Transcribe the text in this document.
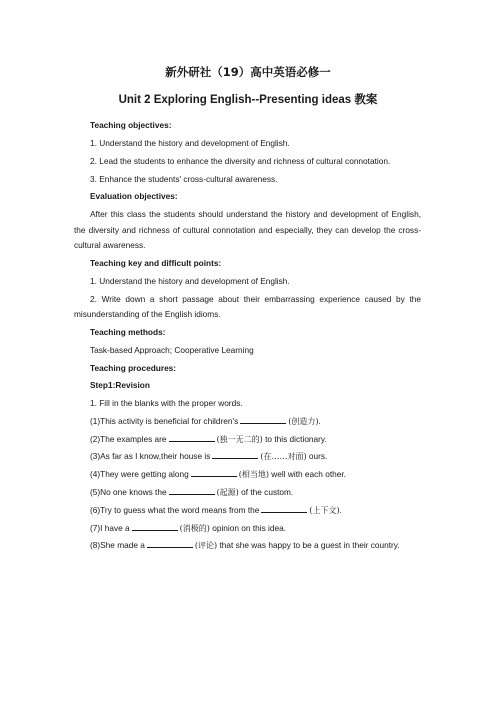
新外研社（19）高中英语必修一
Unit 2 Exploring English--Presenting ideas 教案

Teaching objectives:

1. Understand the history and development of English.

2. Lead the students to enhance the diversity and richness of cultural connotation.

3. Enhance the students' cross-cultural awareness.

Evaluation objectives:

After this class the students should understand the history and development of English, the diversity and richness of cultural connotation and especially, they can develop the cross-cultural awareness.

Teaching key and difficult points:

1. Understand the history and development of English.

2. Write down a short passage about their embarrassing experience caused by the misunderstanding of the English idioms.

Teaching methods:

Task-based Approach; Cooperative Learning

Teaching procedures:

Step1:Revision

1. Fill in the blanks with the proper words.

(1)This activity is beneficial for children's	(创造力).

(2)The examples are	(独一无二的) to this dictionary.

(3)As far as I know,their house is	(在……对面) ours.

(4)They were getting along	(相当地) well with each other.

(5)No one knows the	(起源) of the custom.

(6)Try to guess what the word means from the	(上下文).

(7)I have a	(消极的) opinion on this idea.

(8)She made a	(评论) that she was happy to be a guest in their country.
